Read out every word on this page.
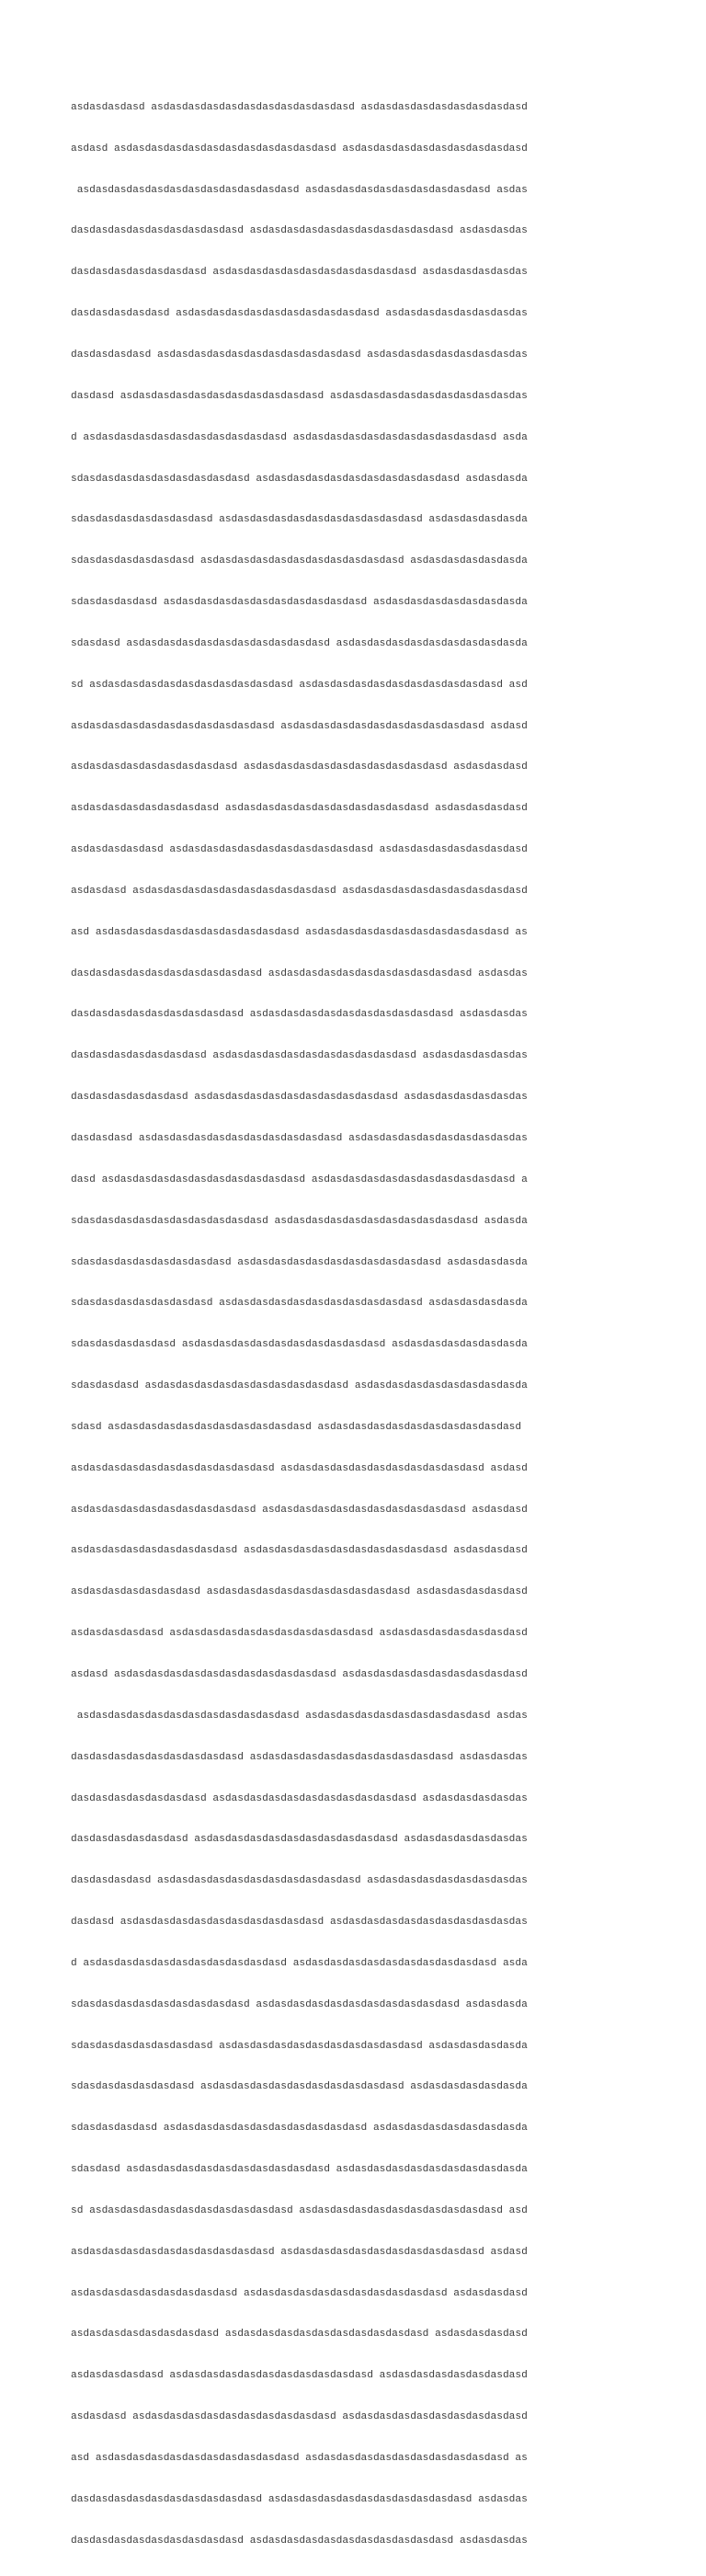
asdasdasdasd asdasdasdasdasdasdasdasdasdasdasd asdasdasdasdasdasdasdasdasd

asdasd asdasdasdasdasdasdasdasdasdasdasdasd asdasdasdasdasdasdasdasdasdasd

asdasdasdasdasdasdasdasdasdasdasdasd asdasdasdasdasdasdasdasdasdasd asdas

dasdasdasdasdasdasdasdasdasd asdasdasdasdasdasdasdasdasdasdasd asdasdasdas

dasdasdasdasdasdasdasd asdasdasdasdasdasdasdasdasdasdasd asdasdasdasdasdas

dasdasdasdasdasd asdasdasdasdasdasdasdasdasdasdasd asdasdasdasdasdasdasdas

dasdasdasdasd asdasdasdasdasdasdasdasdasdasdasd asdasdasdasdasdasdasdasdas

dasdasd asdasdasdasdasdasdasdasdasdasdasd asdasdasdasdasdasdasdasdasdasdas

d asdasdasdasdasdasdasdasdasdasdasd asdasdasdasdasdasdasdasdasdasdasd asda

sdasdasdasdasdasdasdasdasdasd asdasdasdasdasdasdasdasdasdasdasd asdasdasda

sdasdasdasdasdasdasdasd asdasdasdasdasdasdasdasdasdasdasd asdasdasdasdasda

sdasdasdasdasdasdasd asdasdasdasdasdasdasdasdasdasdasd asdasdasdasdasdasda

sdasdasdasdasd asdasdasdasdasdasdasdasdasdasdasd asdasdasdasdasdasdasdasda

sdasdasd asdasdasdasdasdasdasdasdasdasdasd asdasdasdasdasdasdasdasdasdasda

sd asdasdasdasdasdasdasdasdasdasdasd asdasdasdasdasdasdasdasdasdasdasd asd

asdasdasdasdasdasdasdasdasdasdasd asdasdasdasdasdasdasdasdasdasdasd asdasd

asdasdasdasdasdasdasdasdasd asdasdasdasdasdasdasdasdasdasdasd asdasdasdasd

asdasdasdasdasdasdasdasd asdasdasdasdasdasdasdasdasdasdasd asdasdasdasdasd

asdasdasdasdasd asdasdasdasdasdasdasdasdasdasdasd asdasdasdasdasdasdasdasd

asdasdasd asdasdasdasdasdasdasdasdasdasdasd asdasdasdasdasdasdasdasdasdasd

asd asdasdasdasdasdasdasdasdasdasdasd asdasdasdasdasdasdasdasdasdasdasd as

dasdasdasdasdasdasdasdasdasdasd asdasdasdasdasdasdasdasdasdasdasd asdasdas

dasdasdasdasdasdasdasdasdasd asdasdasdasdasdasdasdasdasdasdasd asdasdasdas

dasdasdasdasdasdasdasd asdasdasdasdasdasdasdasdasdasdasd asdasdasdasdasdas

dasdasdasdasdasdasd asdasdasdasdasdasdasdasdasdasdasd asdasdasdasdasdasdas

dasdasdasd asdasdasdasdasdasdasdasdasdasdasd asdasdasdasdasdasdasdasdasdas

dasd asdasdasdasdasdasdasdasdasdasdasd asdasdasdasdasdasdasdasdasdasdasd a

sdasdasdasdasdasdasdasdasdasdasd asdasdasdasdasdasdasdasdasdasdasd asdasda

sdasdasdasdasdasdasdasdasd asdasdasdasdasdasdasdasdasdasdasd asdasdasdasda

sdasdasdasdasdasdasdasd asdasdasdasdasdasdasdasdasdasdasd asdasdasdasdasda

sdasdasdasdasdasd asdasdasdasdasdasdasdasdasdasdasd asdasdasdasdasdasdasda

sdasdasdasd asdasdasdasdasdasdasdasdasdasdasd asdasdasdasdasdasdasdasdasda

sdasd asdasdasdasdasdasdasdasdasdasdasd asdasdasdasdasdasdasdasdasdasdasd

asdasdasdasdasdasdasdasdasdasdasd asdasdasdasdasdasdasdasdasdasdasd asdasd

asdasdasdasdasdasdasdasdasdasd asdasdasdasdasdasdasdasdasdasdasd asdasdasd

asdasdasdasdasdasdasdasdasd asdasdasdasdasdasdasdasdasdasdasd asdasdasdasd

asdasdasdasdasdasdasd asdasdasdasdasdasdasdasdasdasdasd asdasdasdasdasdasd

asdasdasdasdasd asdasdasdasdasdasdasdasdasdasdasd asdasdasdasdasdasdasdasd

asdasd asdasdasdasdasdasdasdasdasdasdasdasd asdasdasdasdasdasdasdasdasdasd

asdasdasdasdasdasdasdasdasdasdasdasd asdasdasdasdasdasdasdasdasdasd asdas

dasdasdasdasdasdasdasdasdasd asdasdasdasdasdasdasdasdasdasdasd asdasdasdas

dasdasdasdasdasdasdasd asdasdasdasdasdasdasdasdasdasdasd asdasdasdasdasdas

dasdasdasdasdasdasd asdasdasdasdasdasdasdasdasdasdasd asdasdasdasdasdasdas

dasdasdasdasd asdasdasdasdasdasdasdasdasdasdasd asdasdasdasdasdasdasdasdas

dasdasd asdasdasdasdasdasdasdasdasdasdasd asdasdasdasdasdasdasdasdasdasdas

d asdasdasdasdasdasdasdasdasdasdasd asdasdasdasdasdasdasdasdasdasdasd asda

sdasdasdasdasdasdasdasdasdasd asdasdasdasdasdasdasdasdasdasdasd asdasdasda

sdasdasdasdasdasdasdasd asdasdasdasdasdasdasdasdasdasdasd asdasdasdasdasda

sdasdasdasdasdasdasd asdasdasdasdasdasdasdasdasdasdasd asdasdasdasdasdasda

sdasdasdasdasd asdasdasdasdasdasdasdasdasdasdasd asdasdasdasdasdasdasdasda

sdasdasd asdasdasdasdasdasdasdasdasdasdasd asdasdasdasdasdasdasdasdasdasda

sd asdasdasdasdasdasdasdasdasdasdasd asdasdasdasdasdasdasdasdasdasdasd asd

asdasdasdasdasdasdasdasdasdasdasd asdasdasdasdasdasdasdasdasdasdasd asdasd

asdasdasdasdasdasdasdasdasd asdasdasdasdasdasdasdasdasdasdasd asdasdasdasd

asdasdasdasdasdasdasdasd asdasdasdasdasdasdasdasdasdasdasd asdasdasdasdasd

asdasdasdasdasd asdasdasdasdasdasdasdasdasdasdasd asdasdasdasdasdasdasdasd

asdasdasd asdasdasdasdasdasdasdasdasdasdasd asdasdasdasdasdasdasdasdasdasd

asd asdasdasdasdasdasdasdasdasdasdasd asdasdasdasdasdasdasdasdasdasdasd as

dasdasdasdasdasdasdasdasdasdasd asdasdasdasdasdasdasdasdasdasdasd asdasdas

dasdasdasdasdasdasdasdasdasd asdasdasdasdasdasdasdasdasdasdasd asdasdasdas
